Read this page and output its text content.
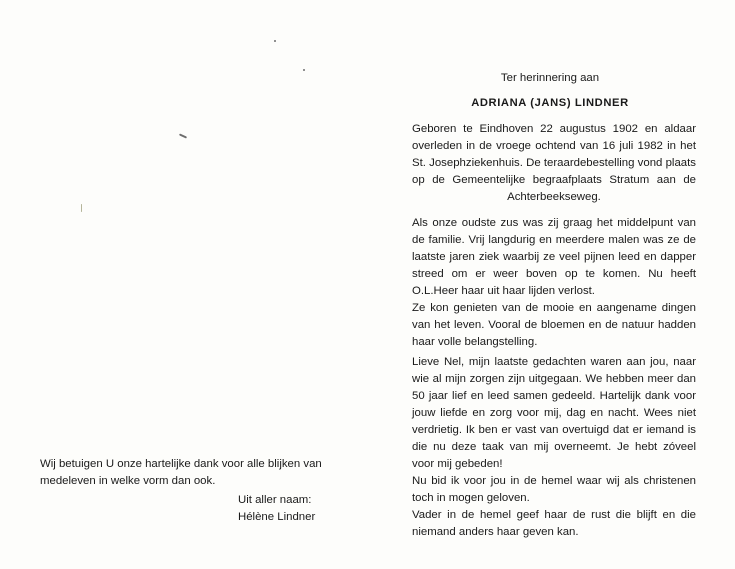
Wij betuigen U onze hartelijke dank voor alle blijken van medeleven in welke vorm dan ook.

Uit aller naam:
Hélène Lindner
Ter herinnering aan
ADRIANA (JANS) LINDNER

Geboren te Eindhoven 22 augustus 1902 en aldaar overleden in de vroege ochtend van 16 juli 1982 in het St. Josephziekenhuis. De teraardebestelling vond plaats op de Gemeentelijke begraafplaats Stratum aan de Achterbeekseweg.

Als onze oudste zus was zij graag het middelpunt van de familie. Vrij langdurig en meerdere malen was ze de laatste jaren ziek waarbij ze veel pijnen leed en dapper streed om er weer boven op te komen. Nu heeft O.L.Heer haar uit haar lijden verlost.

Ze kon genieten van de mooie en aangename dingen van het leven. Vooral de bloemen en de natuur hadden haar volle belangstelling.

Lieve Nel, mijn laatste gedachten waren aan jou, naar wie al mijn zorgen zijn uitgegaan. We hebben meer dan 50 jaar lief en leed samen gedeeld. Hartelijk dank voor jouw liefde en zorg voor mij, dag en nacht. Wees niet verdrietig. Ik ben er vast van overtuigd dat er iemand is die nu deze taak van mij overneemt. Je hebt zóveel voor mij gebeden!

Nu bid ik voor jou in de hemel waar wij als christenen toch in mogen geloven.

Vader in de hemel geef haar de rust die blijft en die niemand anders haar geven kan.
